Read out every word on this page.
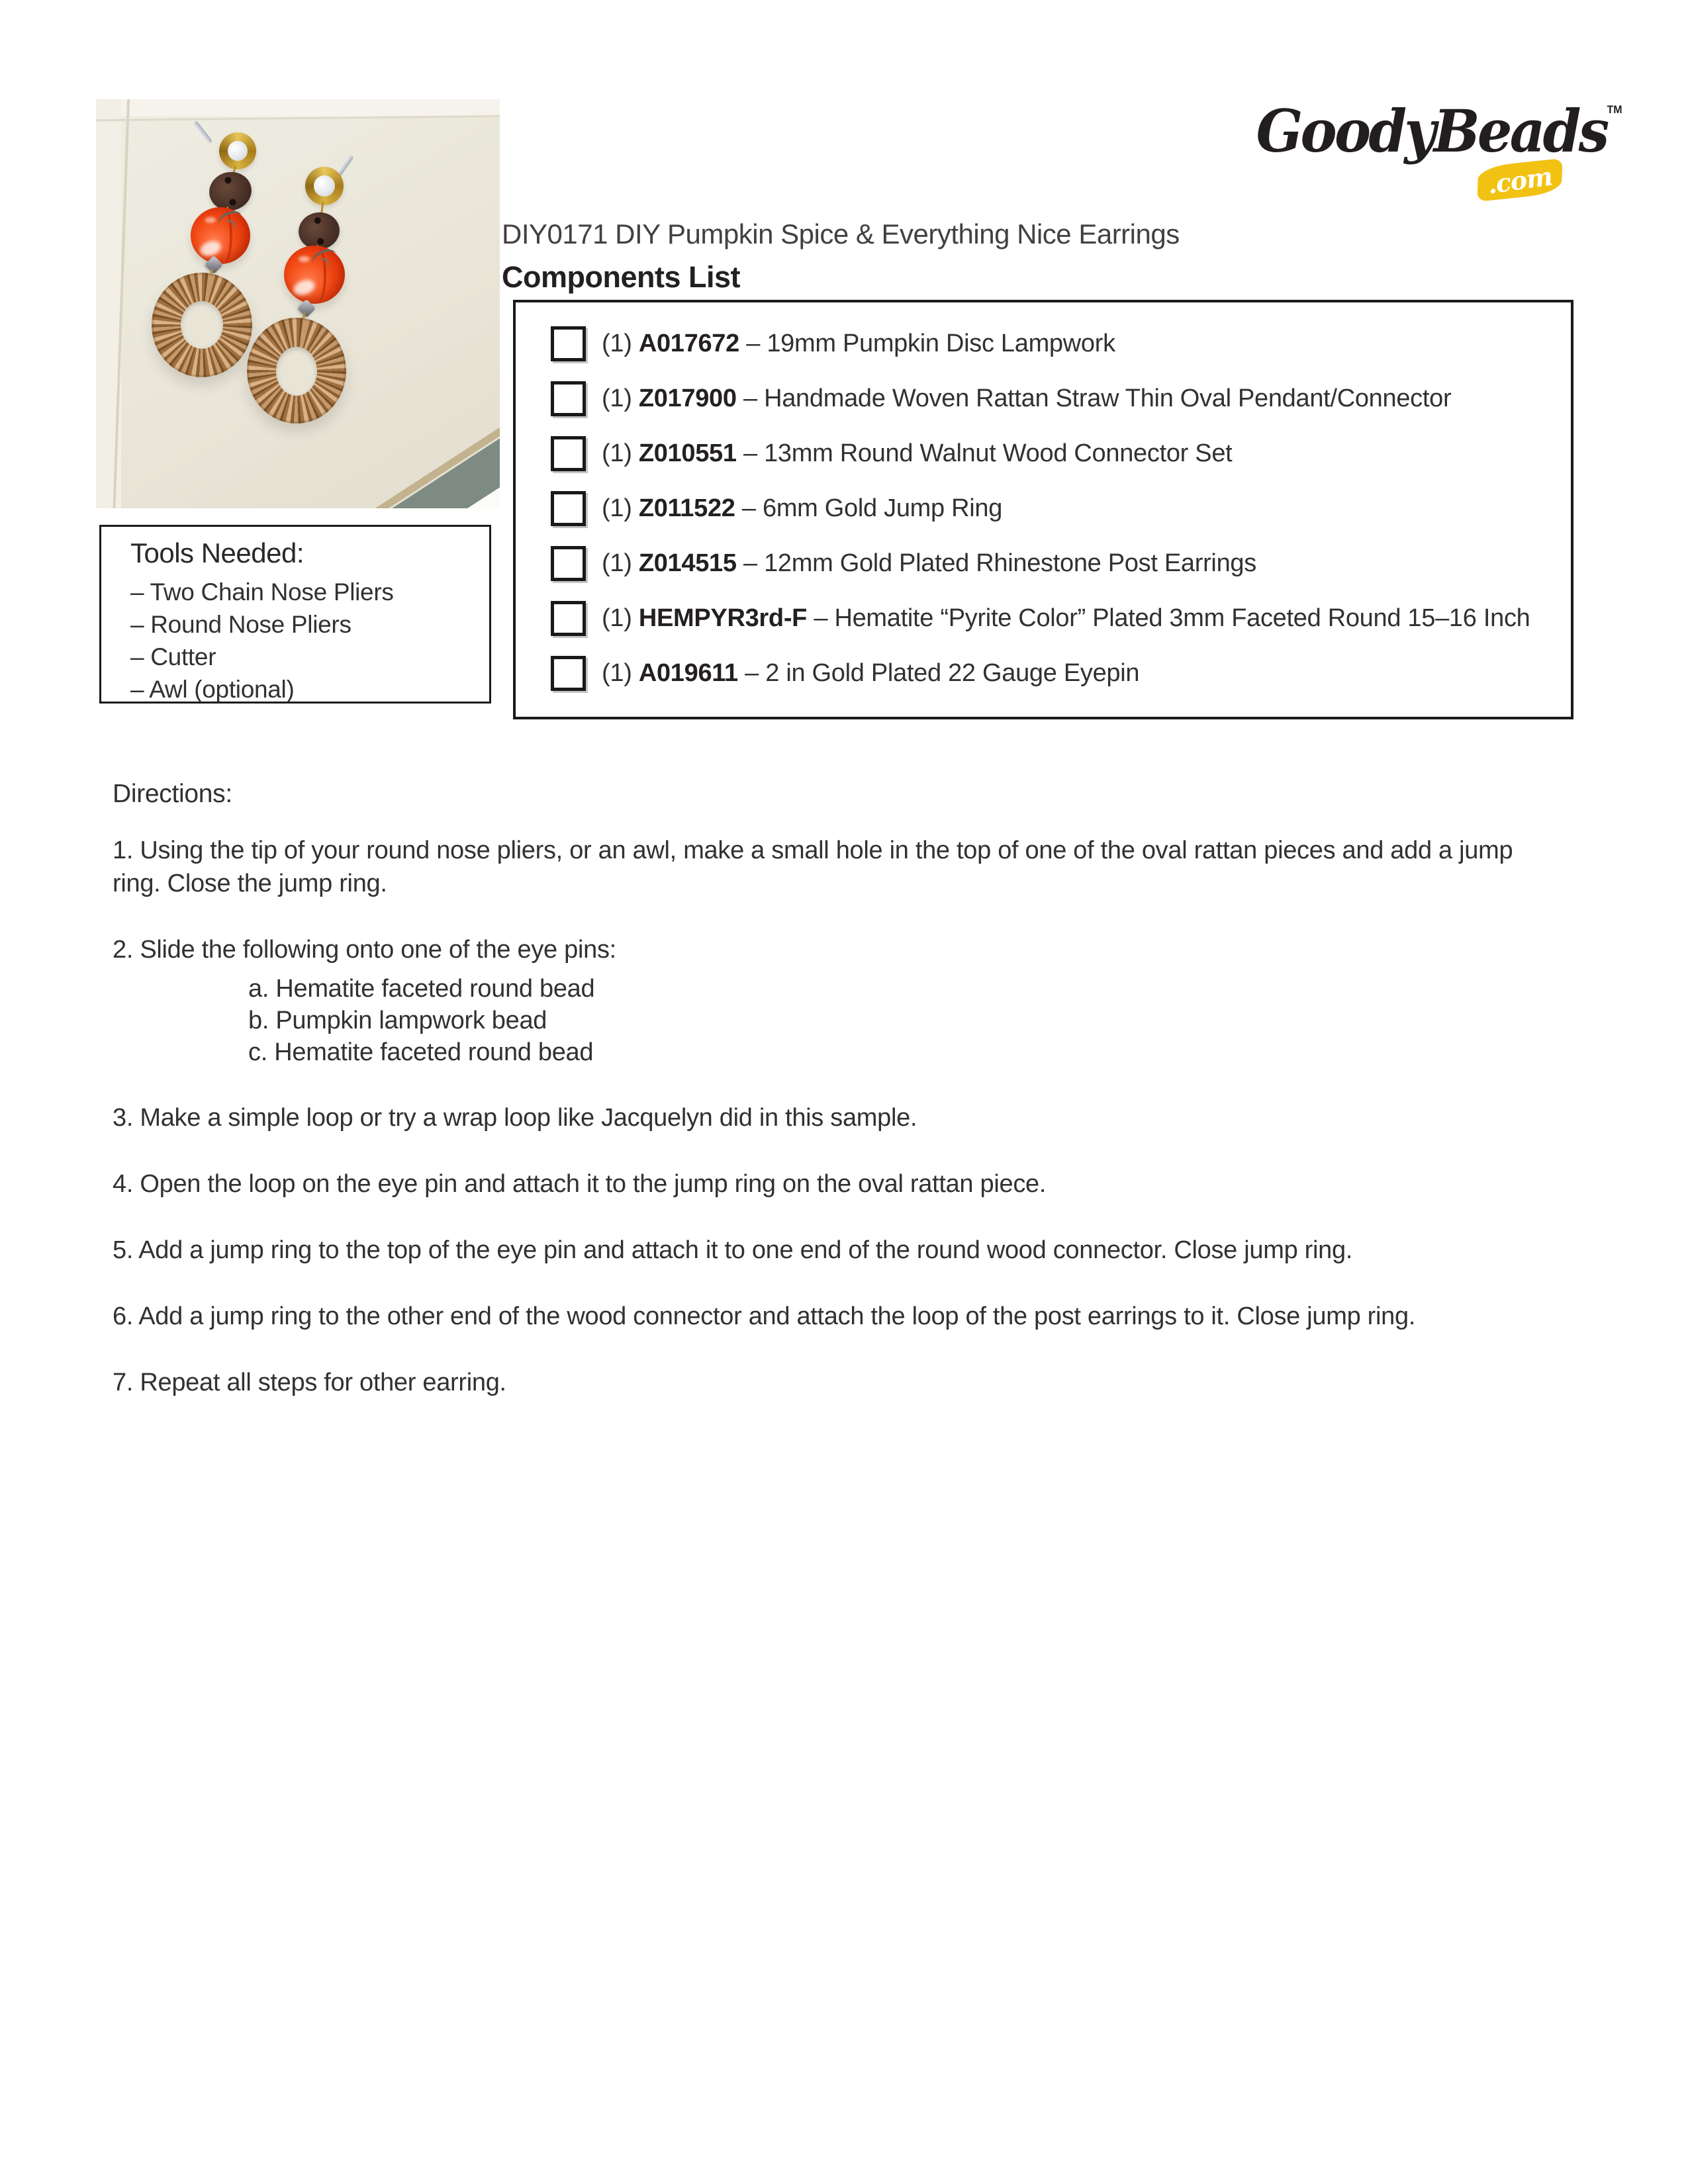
GoodyBeads™
.com
DIY0171 DIY Pumpkin Spice & Everything Nice Earrings
Components List
(1) A017672 – 19mm Pumpkin Disc Lampwork
(1) Z017900 – Handmade Woven Rattan Straw Thin Oval Pendant/Connector
(1) Z010551 – 13mm Round Walnut Wood Connector Set
(1) Z011522 – 6mm Gold Jump Ring
(1) Z014515 – 12mm Gold Plated Rhinestone Post Earrings
(1) HEMPYR3rd-F – Hematite “Pyrite Color” Plated 3mm Faceted Round 15–16 Inch
(1) A019611 – 2 in Gold Plated 22 Gauge Eyepin
Tools Needed:
– Two Chain Nose Pliers
– Round Nose Pliers
– Cutter
– Awl (optional)
Directions:
1. Using the tip of your round nose pliers, or an awl, make a small hole in the top of one of the oval rattan pieces and add a jump ring. Close the jump ring.
2. Slide the following onto one of the eye pins:
a. Hematite faceted round bead
b. Pumpkin lampwork bead
c. Hematite faceted round bead
3. Make a simple loop or try a wrap loop like Jacquelyn did in this sample.
4. Open the loop on the eye pin and attach it to the jump ring on the oval rattan piece.
5. Add a jump ring to the top of the eye pin and attach it to one end of the round wood connector. Close jump ring.
6. Add a jump ring to the other end of the wood connector and attach the loop of the post earrings to it. Close jump ring.
7. Repeat all steps for other earring.
